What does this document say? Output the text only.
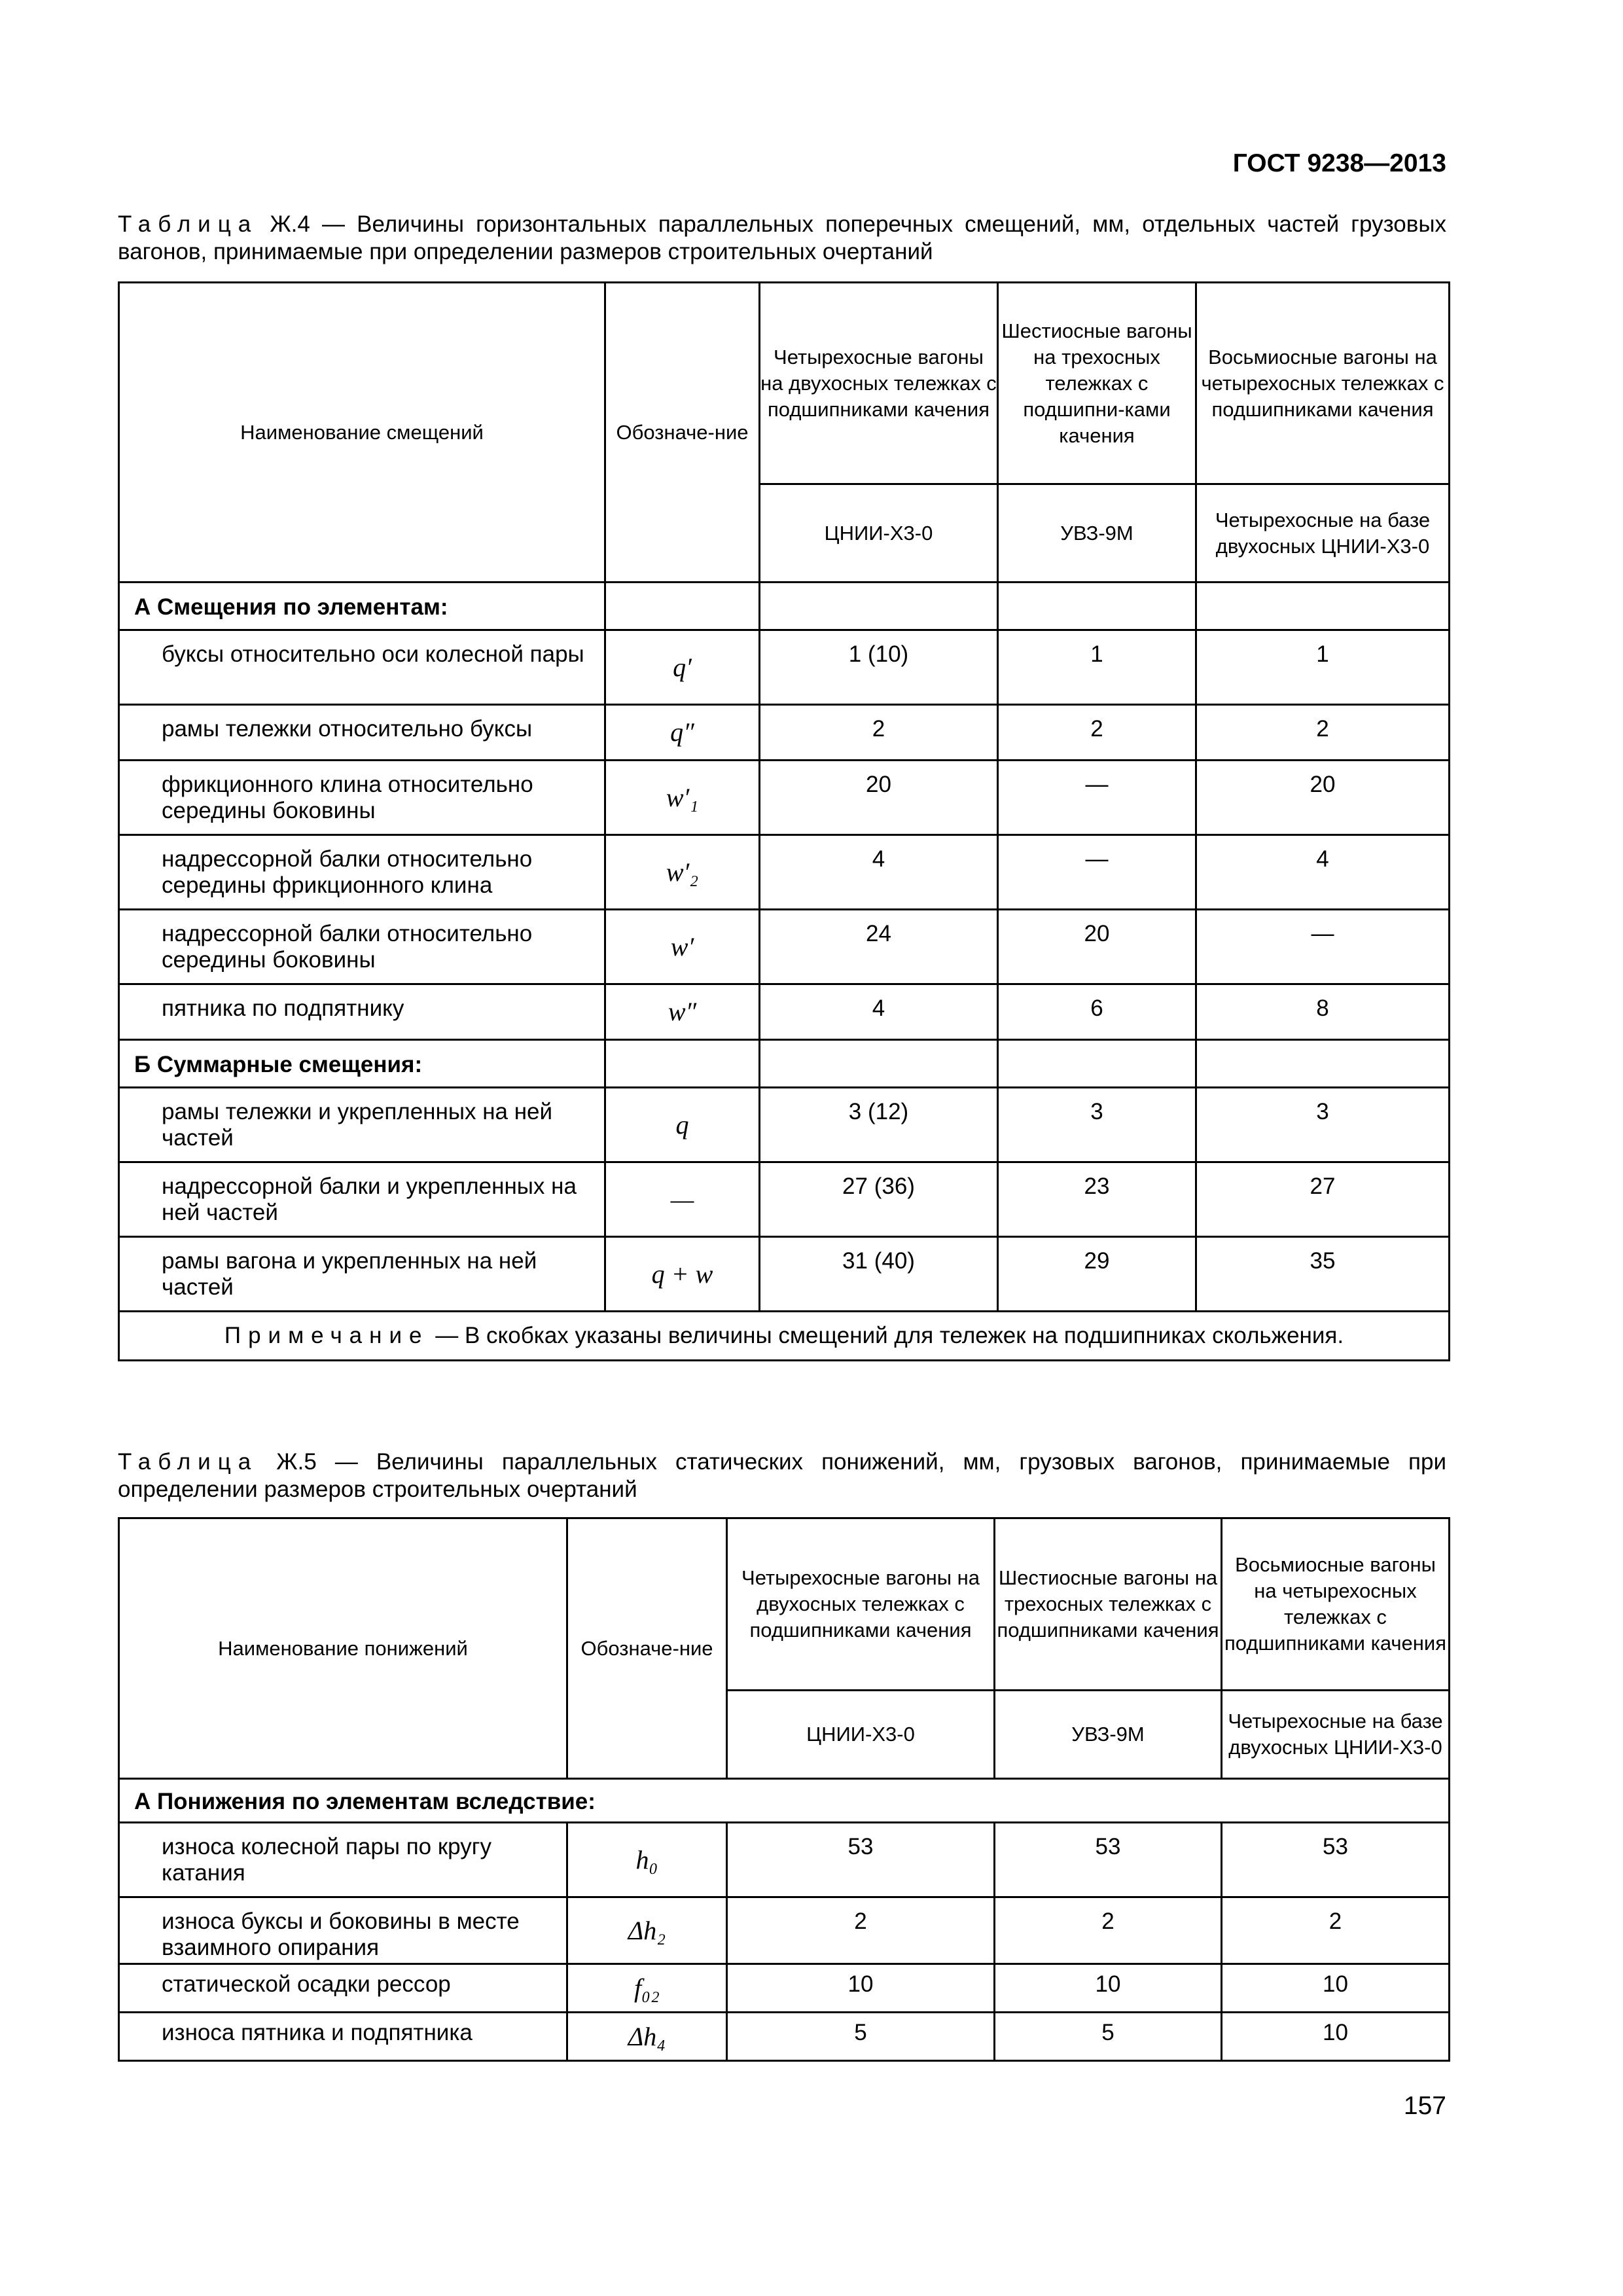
ГОСТ 9238—2013
Таблица Ж.4 — Величины горизонтальных параллельных поперечных смещений, мм, отдельных частей грузовых вагонов, принимаемые при определении размеров строительных очертаний
Наименование смещений	Обозначе-ние	Четырехосные вагоны на двухосных тележках с подшипниками качения	Шестиосные вагоны на трехосных тележках с подшипни-ками качения	Восьмиосные вагоны на четырехосных тележках с подшипниками качения
		ЦНИИ-Х3-0	УВЗ-9М	Четырехосные на базе двухосных ЦНИИ-Х3-0
А Смещения по элементам:				
буксы относительно оси колесной пары	q′	1 (10)	1	1
рамы тележки относительно буксы	q″	2	2	2
фрикционного клина относительно середины боковины	w′₁	20	—	20
надрессорной балки относительно середины фрикционного клина	w′₂	4	—	4
надрессорной балки относительно середины боковины	w′	24	20	—
пятника по подпятнику	w″	4	6	8
Б Суммарные смещения:				
рамы тележки и укрепленных на ней частей	q	3 (12)	3	3
надрессорной балки и укрепленных на ней частей	—	27 (36)	23	27
рамы вагона и укрепленных на ней частей	q + w	31 (40)	29	35
Примечание — В скобках указаны величины смещений для тележек на подшипниках скольжения.				
Таблица Ж.5 — Величины параллельных статических понижений, мм, грузовых вагонов, принимаемые при определении размеров строительных очертаний
Наименование понижений	Обозначе-ние	Четырехосные вагоны на двухосных тележках с подшипниками качения	Шестиосные вагоны на трехосных тележках с подшипниками качения	Восьмиосные вагоны на четырехосных тележках с подшипниками качения
		ЦНИИ-Х3-0	УВЗ-9М	Четырехосные на базе двухосных ЦНИИ-Х3-0
А Понижения по элементам вследствие:				
износа колесной пары по кругу катания	h₀	53	53	53
износа буксы и боковины в месте взаимного опирания	Δh₂	2	2	2
статической осадки рессор	f₀₂	10	10	10
износа пятника и подпятника	Δh₄	5	5	10
157
